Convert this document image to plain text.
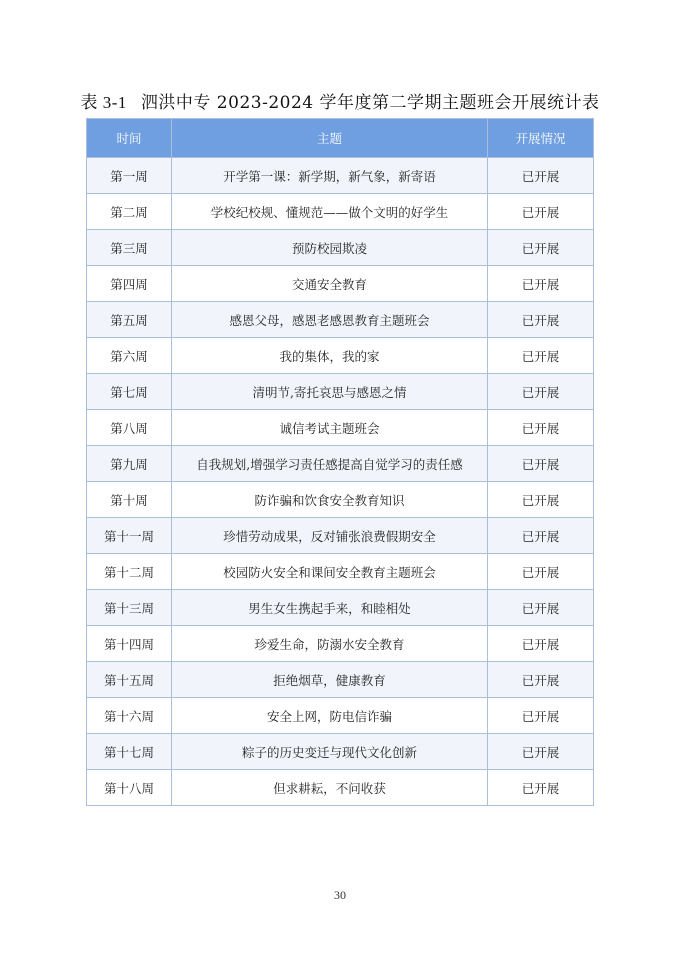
表 3-1 泗洪中专 2023-2024 学年度第二学期主题班会开展统计表
时间	主题	开展情况
第一周	开学第一课：新学期，新气象，新寄语	已开展
第二周	学校纪校规、懂规范——做个文明的好学生	已开展
第三周	预防校园欺凌	已开展
第四周	交通安全教育	已开展
第五周	感恩父母，感恩老感恩教育主题班会	已开展
第六周	我的集体，我的家	已开展
第七周	清明节,寄托哀思与感恩之情	已开展
第八周	诚信考试主题班会	已开展
第九周	自我规划,增强学习责任感提高自觉学习的责任感	已开展
第十周	防诈骗和饮食安全教育知识	已开展
第十一周	珍惜劳动成果，反对铺张浪费假期安全	已开展
第十二周	校园防火安全和课间安全教育主题班会	已开展
第十三周	男生女生携起手来，和睦相处	已开展
第十四周	珍爱生命，防溺水安全教育	已开展
第十五周	拒绝烟草，健康教育	已开展
第十六周	安全上网，防电信诈骗	已开展
第十七周	粽子的历史变迁与现代文化创新	已开展
第十八周	但求耕耘，不问收获	已开展
30
